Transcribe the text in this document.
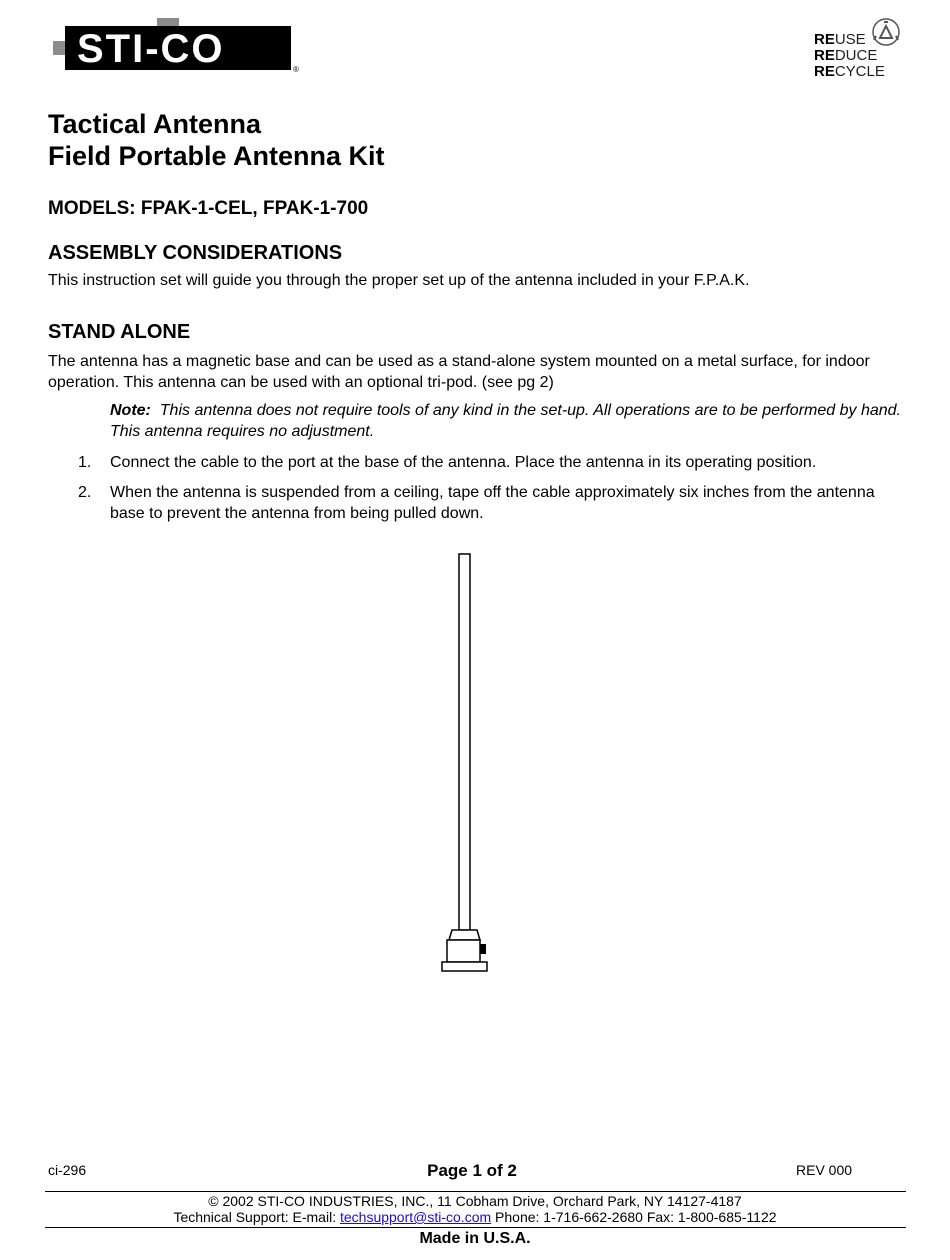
STI-CO	®
REUSE
REDUCE
RECYCLE
Tactical Antenna
Field Portable Antenna Kit
MODELS: FPAK-1-CEL, FPAK-1-700
ASSEMBLY CONSIDERATIONS
This instruction set will guide you through the proper set up of the antenna included in your F.P.A.K.
STAND ALONE
The antenna has a magnetic base and can be used as a stand-alone system mounted on a metal surface, for indoor operation. This antenna can be used with an optional tri-pod. (see pg 2)
Note: This antenna does not require tools of any kind in the set-up. All operations are to be performed by hand. This antenna requires no adjustment.
1.	Connect the cable to the port at the base of the antenna. Place the antenna in its operating position.
2.	When the antenna is suspended from a ceiling, tape off the cable approximately six inches from the antenna base to prevent the antenna from being pulled down.
ci-296	Page 1 of 2	REV 000
© 2002 STI-CO INDUSTRIES, INC., 11 Cobham Drive, Orchard Park, NY 14127-4187
Technical Support: E-mail: techsupport@sti-co.com Phone: 1-716-662-2680 Fax: 1-800-685-1122
Made in U.S.A.
